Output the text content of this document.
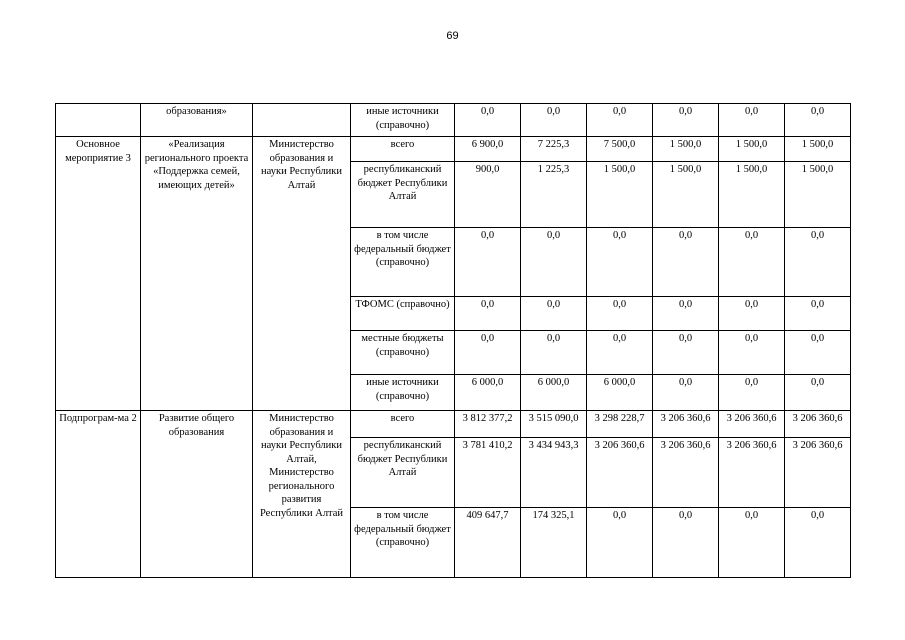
69
	образования»		иные источники (справочно)	0,0	0,0	0,0	0,0	0,0	0,0
Основное мероприятие 3	«Реализация регионального проекта «Поддержка семей, имеющих детей»	Министерство образования и науки Республики Алтай	всего	6 900,0	7 225,3	7 500,0	1 500,0	1 500,0	1 500,0
			республиканский бюджет Республики Алтай	900,0	1 225,3	1 500,0	1 500,0	1 500,0	1 500,0
			в том числе федеральный бюджет (справочно)	0,0	0,0	0,0	0,0	0,0	0,0
			ТФОМС (справочно)	0,0	0,0	0,0	0,0	0,0	0,0
			местные бюджеты (справочно)	0,0	0,0	0,0	0,0	0,0	0,0
			иные источники (справочно)	6 000,0	6 000,0	6 000,0	0,0	0,0	0,0
Подпрограм-ма 2	Развитие общего образования	Министерство образования и науки Республики Алтай, Министерство регионального развития Республики Алтай	всего	3 812 377,2	3 515 090,0	3 298 228,7	3 206 360,6	3 206 360,6	3 206 360,6
			республиканский бюджет Республики Алтай	3 781 410,2	3 434 943,3	3 206 360,6	3 206 360,6	3 206 360,6	3 206 360,6
			в том числе федеральный бюджет (справочно)	409 647,7	174 325,1	0,0	0,0	0,0	0,0
